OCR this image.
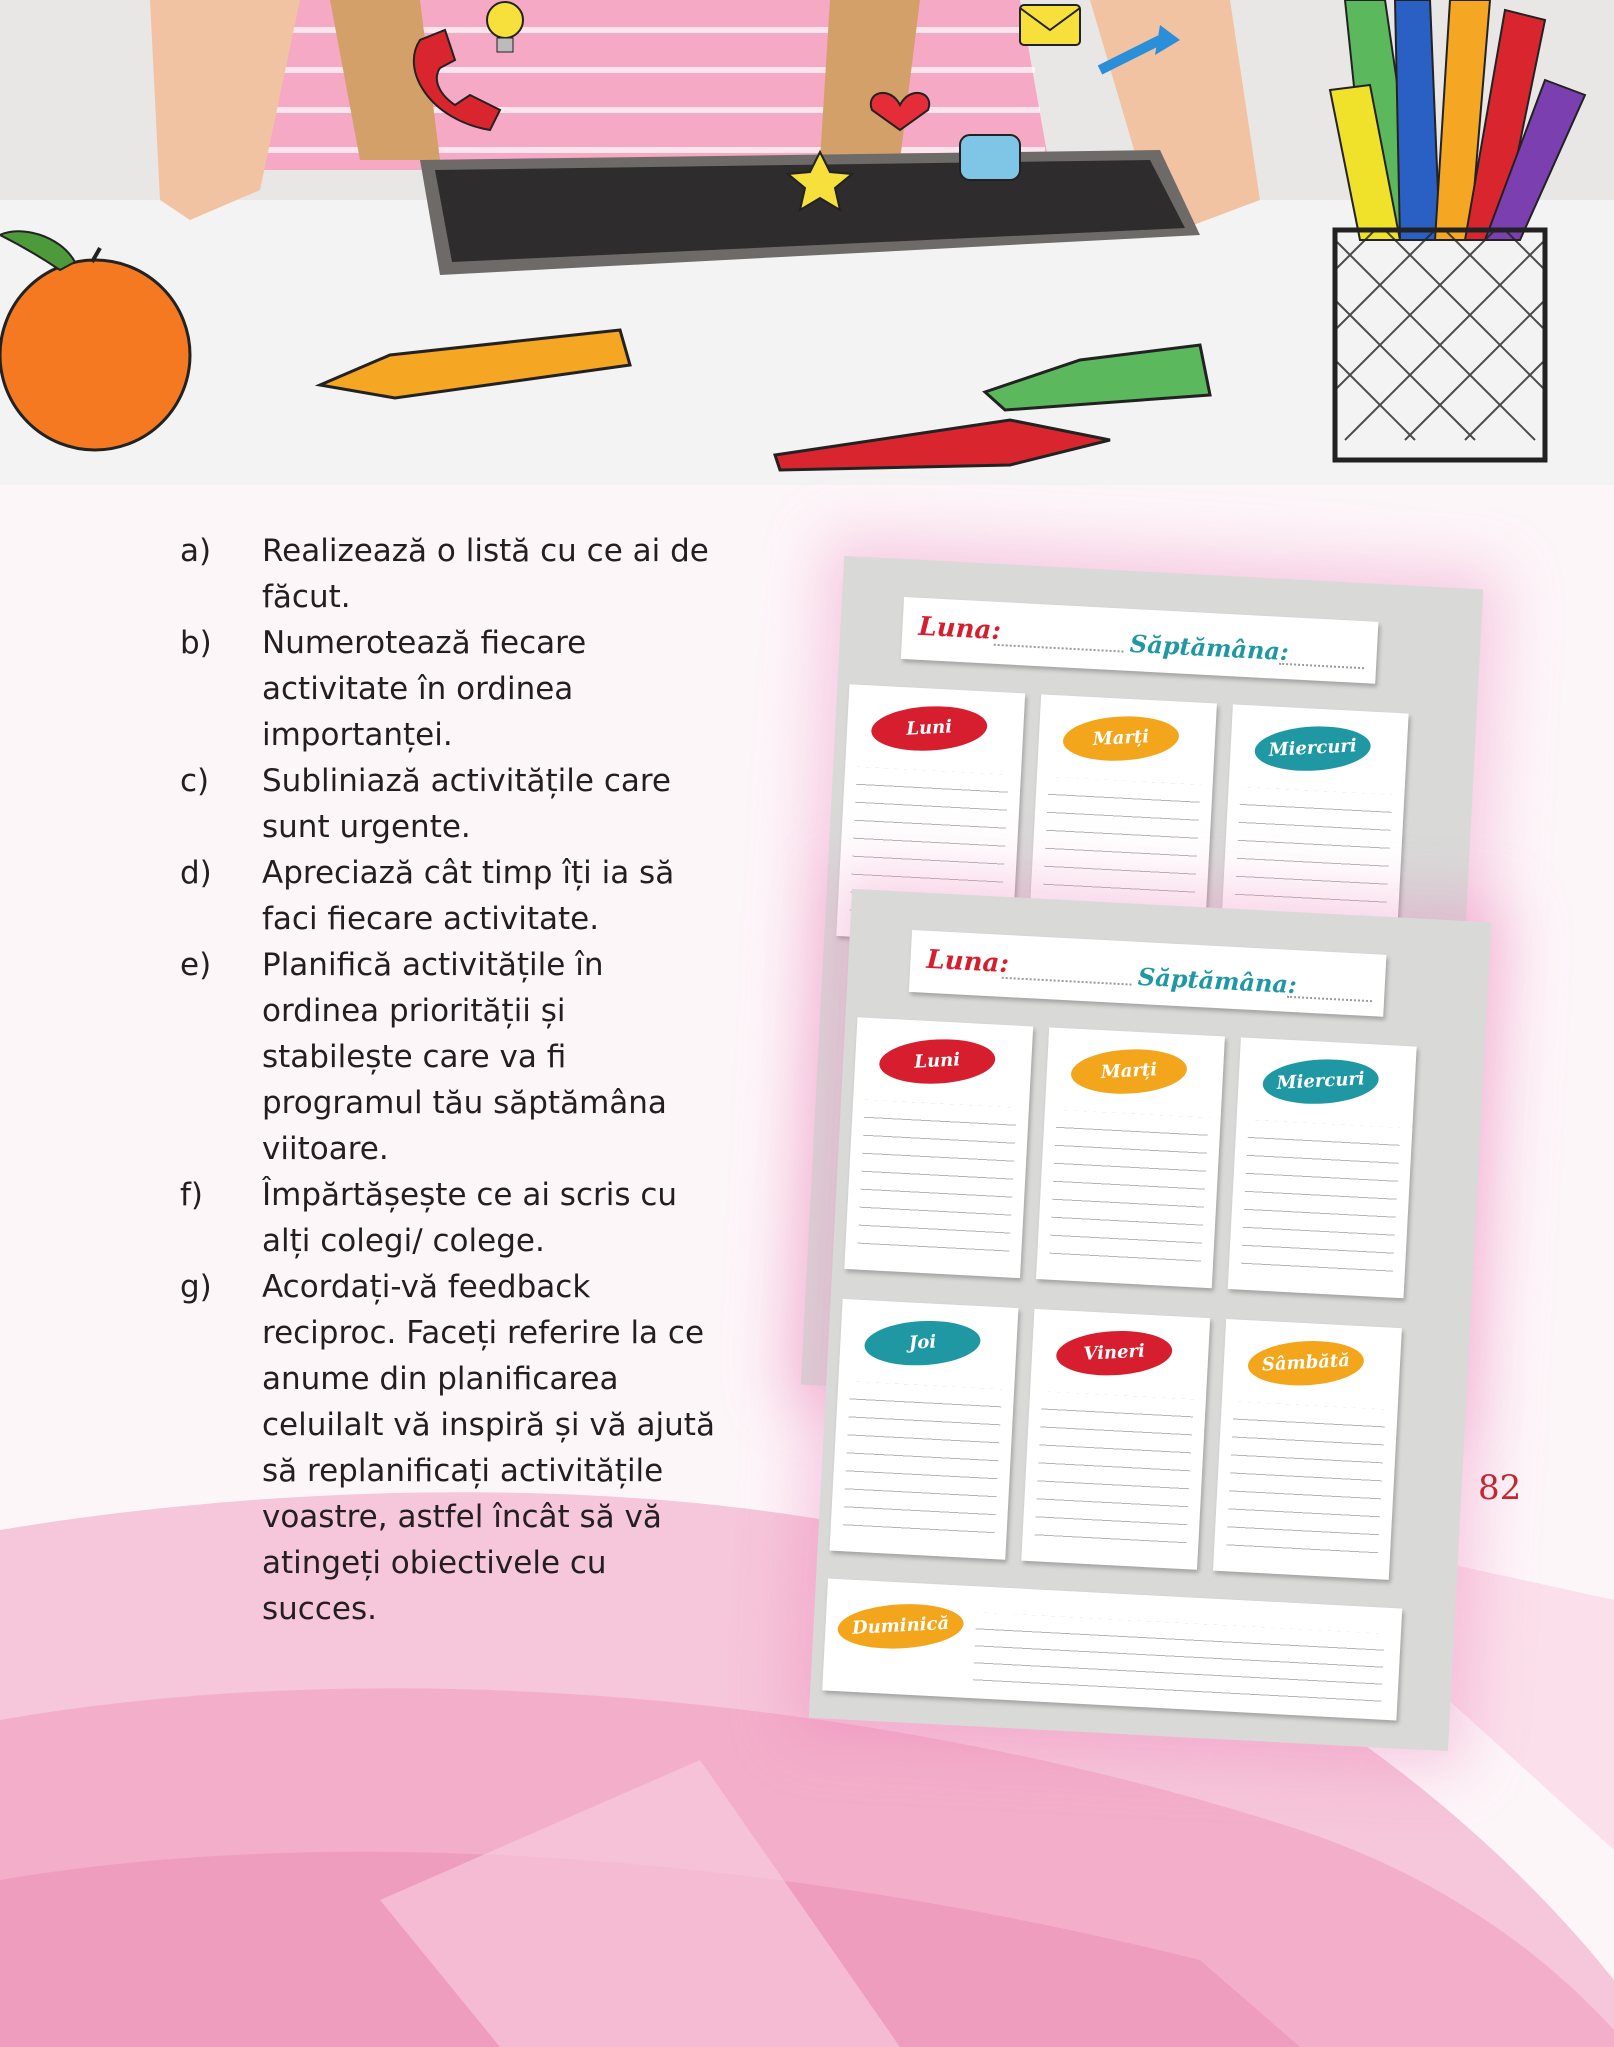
a)	Realizează o listă cu ce ai de
făcut.
b)	Numerotează fiecare
activitate în ordinea
importanței.
c)	Subliniază activitățile care
sunt urgente.
d)	Apreciază cât timp îți ia să
faci fiecare activitate.
e)	Planifică activitățile în
ordinea priorității și
stabilește care va fi
programul tău săptămâna
viitoare.
f)	Împărtășește ce ai scris cu
alți colegi/ colege.
g)	Acordați-vă feedback
reciproc. Faceți referire la ce
anume din planificarea
celuilalt vă inspiră și vă ajută
să replanificați activitățile
voastre, astfel încât să vă
atingeți obiectivele cu
succes.
Luna:	Săptămâna:
Luni	Marți	Miercuri
Luna:	Săptămâna:
Luni	Marți	Miercuri
Joi	Vineri	Sâmbătă
Duminică
82
